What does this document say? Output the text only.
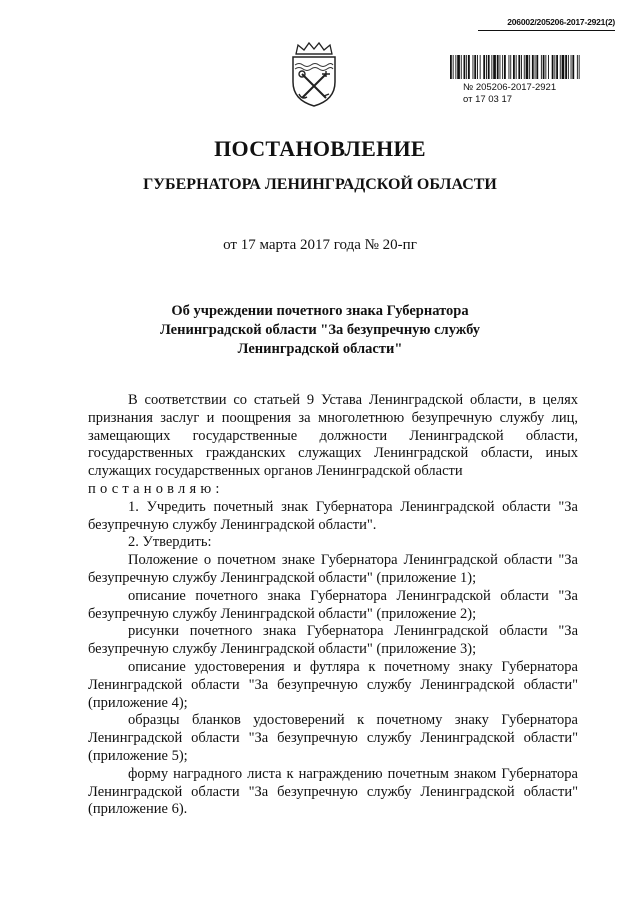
206002/205206-2017-2921(2)
№ 205206-2017-2921
от 17 03 17
ПОСТАНОВЛЕНИЕ
ГУБЕРНАТОРА ЛЕНИНГРАДСКОЙ ОБЛАСТИ
от 17 марта 2017 года № 20-пг
Об учреждении почетного знака Губернатора
Ленинградской области "За безупречную службу
Ленинградской области"

В соответствии со статьей 9 Устава Ленинградской области, в целях признания заслуг и поощрения за многолетнюю безупречную службу лиц, замещающих государственные должности Ленинградской области, государственных гражданских служащих Ленинградской области, иных служащих государственных органов Ленинградской области

постановляю:

1. Учредить почетный знак Губернатора Ленинградской области "За безупречную службу Ленинградской области".

2. Утвердить:

Положение о почетном знаке Губернатора Ленинградской области "За безупречную службу Ленинградской области" (приложение 1);

описание почетного знака Губернатора Ленинградской области "За безупречную службу Ленинградской области" (приложение 2);

рисунки почетного знака Губернатора Ленинградской области "За безупречную службу Ленинградской области" (приложение 3);

описание удостоверения и футляра к почетному знаку Губернатора Ленинградской области "За безупречную службу Ленинградской области" (приложение 4);

образцы бланков удостоверений к почетному знаку Губернатора Ленинградской области "За безупречную службу Ленинградской области" (приложение 5);

форму наградного листа к награждению почетным знаком Губернатора Ленинградской области "За безупречную службу Ленинградской области" (приложение 6).
